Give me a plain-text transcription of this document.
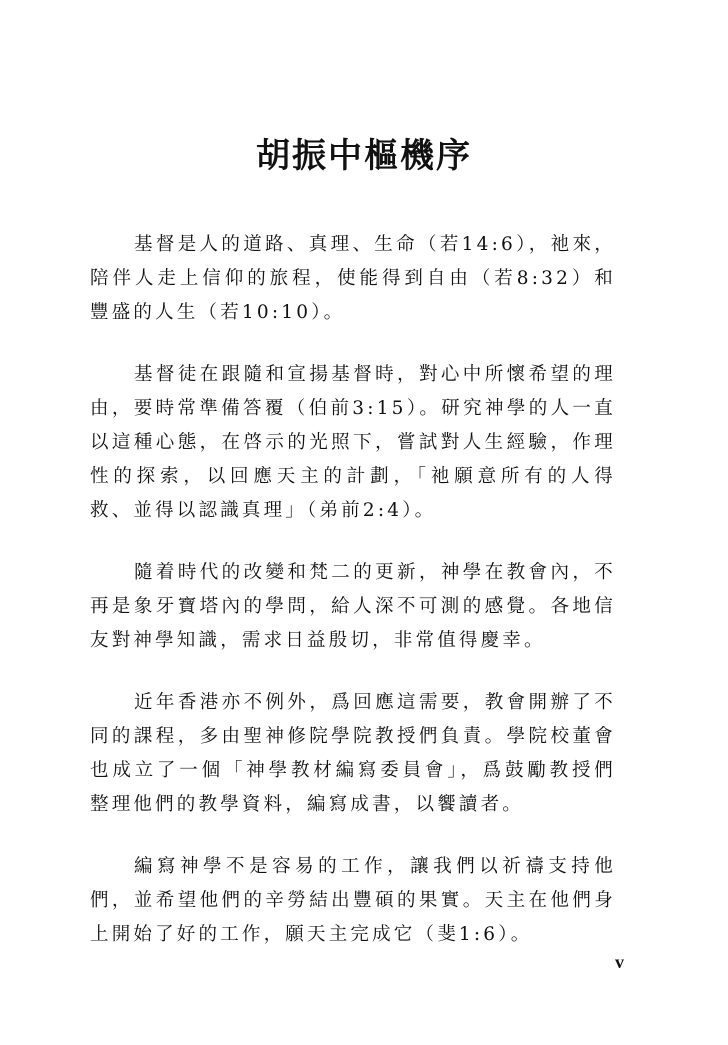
胡振中樞機序

基督是人的道路、真理、生命（若14:6），祂來，陪伴人走上信仰的旅程，使能得到自由（若8:32）和豐盛的人生（若10:10）。

基督徒在跟隨和宣揚基督時，對心中所懷希望的理由，要時常準備答覆（伯前3:15）。研究神學的人一直以這種心態，在啓示的光照下，嘗試對人生經驗，作理性的探索，以回應天主的計劃，「祂願意所有的人得救、並得以認識真理」（弟前2:4）。

隨着時代的改變和梵二的更新，神學在教會內，不再是象牙寶塔內的學問，給人深不可測的感覺。各地信友對神學知識，需求日益殷切，非常值得慶幸。

近年香港亦不例外，爲回應這需要，教會開辦了不同的課程，多由聖神修院學院教授們負責。學院校董會也成立了一個「神學教材編寫委員會」，爲鼓勵教授們整理他們的教學資料，編寫成書，以饗讀者。

編寫神學不是容易的工作，讓我們以祈禱支持他們，並希望他們的辛勞結出豐碩的果實。天主在他們身上開始了好的工作，願天主完成它（斐1:6）。

v
